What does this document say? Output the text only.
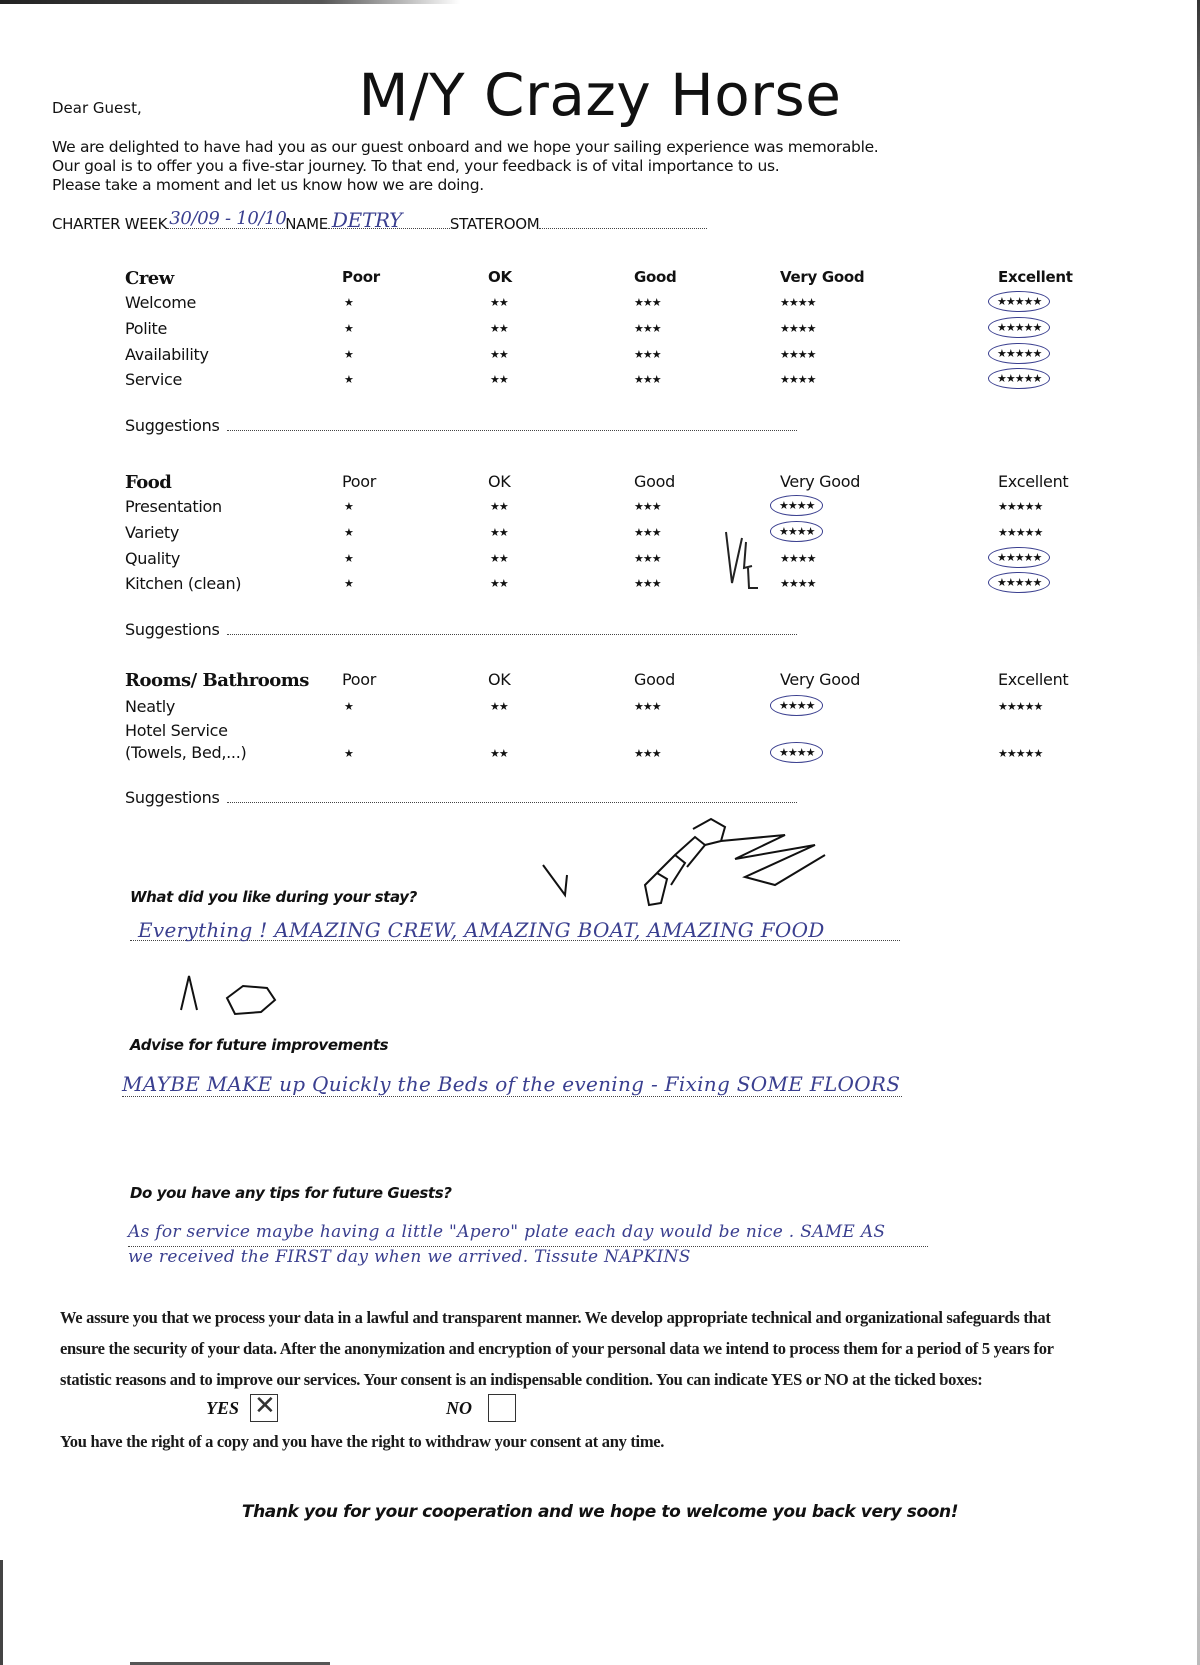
M/Y Crazy Horse
Dear Guest,
We are delighted to have had you as our guest onboard and we hope your sailing experience was memorable.
Our goal is to offer you a five-star journey. To that end, your feedback is of vital importance to us.
Please take a moment and let us know how we are doing.
CHARTER WEEK 30/09 - 10/10
NAME DETRY	STATEROOM
Crew	Poor	OK	Good	Very Good	Excellent
Welcome	★	★★	★★★	★★★★	★★★★★
Polite	★	★★	★★★	★★★★	★★★★★
Availability	★	★★	★★★	★★★★	★★★★★
Service	★	★★	★★★	★★★★	★★★★★
Suggestions
Food	Poor	OK	Good	Very Good	Excellent
Presentation	★	★★	★★★	★★★★	★★★★★
Variety	★	★★	★★★	★★★★	★★★★★
Quality	★	★★	★★★	★★★★	★★★★★
Kitchen (clean)	★	★★	★★★	★★★★	★★★★★
Suggestions
Rooms/ Bathrooms Poor	OK	Good	Very Good	Excellent
Neatly	★	★★	★★★	★★★★	★★★★★
Hotel Service
(Towels, Bed,...)	★	★★	★★★	★★★★	★★★★★
Suggestions
What did you like during your stay?
Everything ! AMAZING CREW, AMAZING BOAT, AMAZING FOOD
Advise for future improvements
MAYBE MAKE up Quickly the Beds of the evening - Fixing SOME FLOORS
Do you have any tips for future Guests?
As for service maybe having a little "Apero" plate each day would be nice . SAME AS
we received the FIRST day when we arrived. Tissute NAPKINS
We assure you that we process your data in a lawful and transparent manner. We develop appropriate technical and organizational safeguards that
ensure the security of your data. After the anonymization and encryption of your personal data we intend to process them for a period of 5 years for
statistic reasons and to improve our services. Your consent is an indispensable condition. You can indicate YES or NO at the ticked boxes:
YES ✕	NO
You have the right of a copy and you have the right to withdraw your consent at any time.
Thank you for your cooperation and we hope to welcome you back very soon!
